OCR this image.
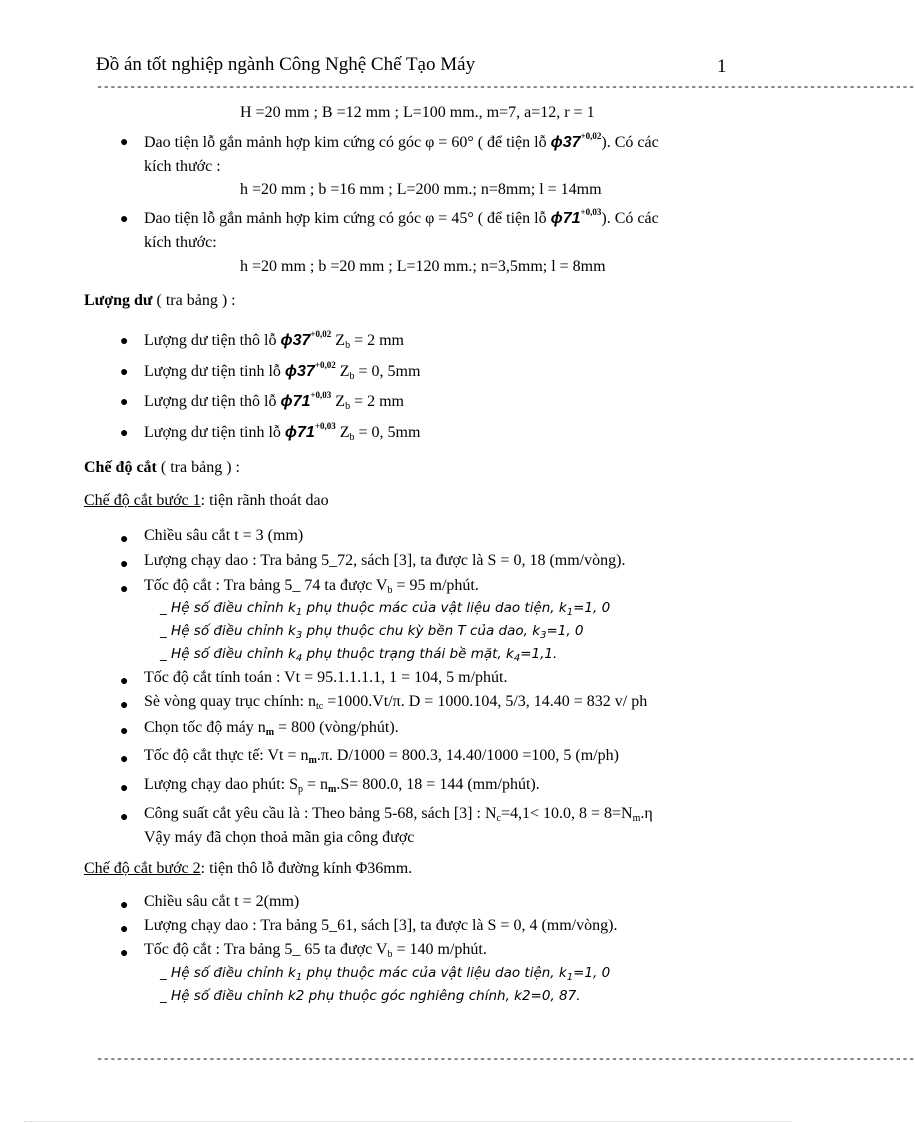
Đồ án tốt nghiệp ngành Công Nghệ Chế Tạo Máy	1
----------------------------------------------------------------------------------------------------------------------------
H =20 mm ; B =12 mm ; L=100 mm., m=7, a=12, r = 1
● Dao tiện lỗ gắn mảnh hợp kim cứng có góc φ = 60° ( để tiện lỗ $\phi 37^{+0,02}$). Có các
kích thước :
h =20 mm ; b =16 mm ; L=200 mm.; n=8mm; l = 14mm
● Dao tiện lỗ gắn mảnh hợp kim cứng có góc φ = 45° ( để tiện lỗ $\phi 71^{+0,03}$). Có các
kích thước:
h =20 mm ; b =20 mm ; L=120 mm.; n=3,5mm; l = 8mm
Lượng dư ( tra bảng ) :
● Lượng dư tiện thô lỗ $\phi 37^{+0,02}$ $Z_b = 2$ mm
● Lượng dư tiện tinh lỗ $\phi 37^{+0,02}$ $Z_b = 0$, 5mm
● Lượng dư tiện thô lỗ $\phi 71^{+0,03}$ $Z_b = 2$ mm
● Lượng dư tiện tinh lỗ $\phi 71^{+0,03}$ $Z_b = 0$, 5mm
Chế độ cắt ( tra bảng ) :
Chế độ cắt bước 1: tiện rãnh thoát dao
● Chiều sâu cắt t = 3 (mm)
● Lượng chạy dao : Tra bảng 5_72, sách [3], ta được là S = 0, 18 (mm/vòng).
● Tốc độ cắt : Tra bảng 5_ 74 ta được $V_b = 95$ m/phút.
_ Hệ số điều chỉnh $k_1$ phụ thuộc mác của vật liệu dao tiện, $k_1=1$, 0
_ Hệ số điều chỉnh $k_3$ phụ thuộc chu kỳ bền T của dao, $k_3=1$, 0
_ Hệ số điều chỉnh $k_4$ phụ thuộc trạng thái bề mặt, $k_4=1,1$.
● Tốc độ cắt tính toán : Vt = 95.1.1.1.1, 1 = 104, 5 m/phút.
● Sè vòng quay trục chính: $n_{tc} =1000.Vt/\pi$. D = 1000.104, 5/3, 14.40 = 832 v/ ph
● Chọn tốc độ máy $n_m = 800$ (vòng/phút).
● Tốc độ cắt thực tế: $Vt = n_m.\pi$. D/1000 = 800.3, 14.40/1000 =100, 5 (m/ph)
● Lượng chạy dao phút: $S_p = n_m.S= 800.0$, 18 = 144 (mm/phút).
● Công suất cắt yêu cầu là : Theo bảng 5-68, sách [3] : $N_c=4,1< 10.0$, $8 = 8=N_m.\eta$
Vậy máy đã chọn thoả mãn gia công được
Chế độ cắt bước 2: tiện thô lỗ đường kính Φ36mm.
● Chiều sâu cắt t = 2(mm)
● Lượng chạy dao : Tra bảng 5_61, sách [3], ta được là S = 0, 4 (mm/vòng).
● Tốc độ cắt : Tra bảng 5_ 65 ta được $V_b = 140$ m/phút.
_ Hệ số điều chỉnh $k_1$ phụ thuộc mác của vật liệu dao tiện, $k_1=1$, 0
_ Hệ số điều chỉnh k2 phụ thuộc góc nghiêng chính, k2=0, 87.
----------------------------------------------------------------------------------------------------------------------------
